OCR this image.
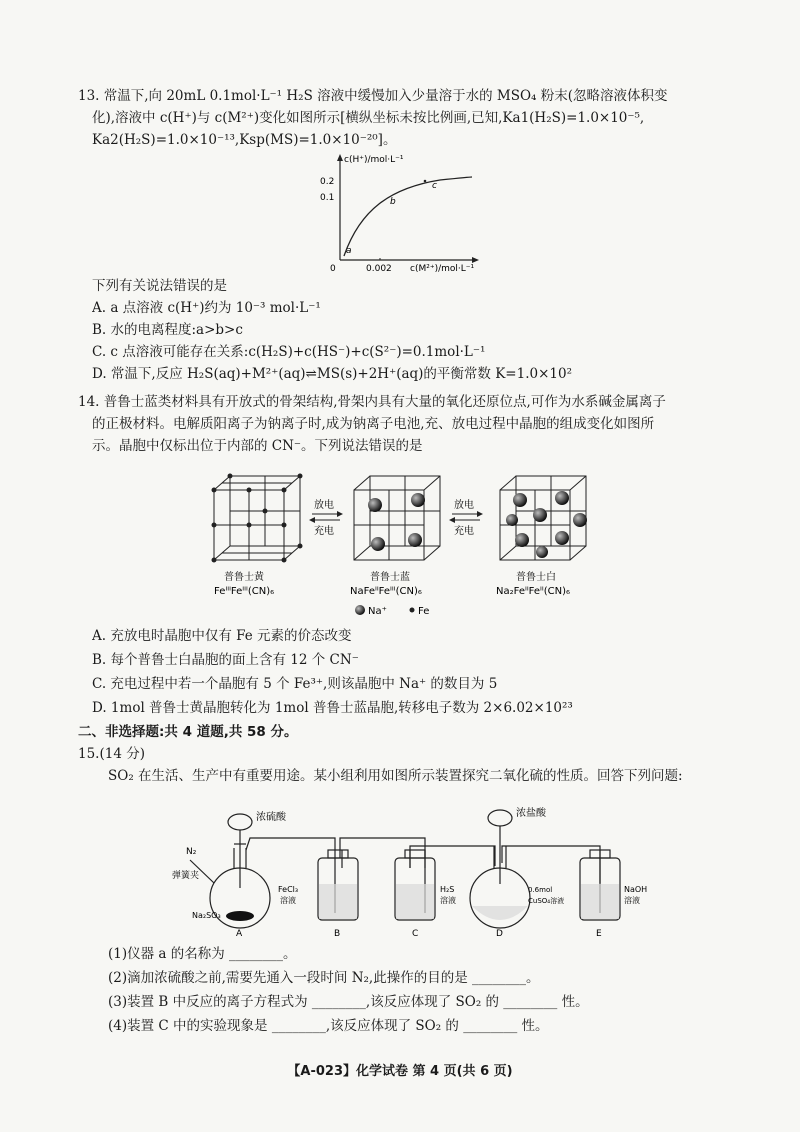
13. 常温下,向 20mL 0.1mol·L⁻¹ H₂S 溶液中缓慢加入少量溶于水的 MSO₄ 粉末(忽略溶液体积变
化),溶液中 c(H⁺)与 c(M²⁺)变化如图所示[横纵坐标未按比例画,已知,Ka1(H₂S)=1.0×10⁻⁵,
Ka2(H₂S)=1.0×10⁻¹³,Ksp(MS)=1.0×10⁻²⁰]。
c(H⁺)/mol·L⁻¹
0.2
0.1
0	0.002 c(M²⁺)/mol·L⁻¹
a
b
c
下列有关说法错误的是
A. a 点溶液 c(H⁺)约为 10⁻³ mol·L⁻¹
B. 水的电离程度:a>b>c
C. c 点溶液可能存在关系:c(H₂S)+c(HS⁻)+c(S²⁻)=0.1mol·L⁻¹
D. 常温下,反应 H₂S(aq)+M²⁺(aq)⇌MS(s)+2H⁺(aq)的平衡常数 K=1.0×10²
14. 普鲁士蓝类材料具有开放式的骨架结构,骨架内具有大量的氧化还原位点,可作为水系碱金属离子
的正极材料。电解质阳离子为钠离子时,成为钠离子电池,充、放电过程中晶胞的组成变化如图所
示。晶胞中仅标出位于内部的 CN⁻。下列说法错误的是
放电
充电
放电
充电
普鲁士黄
FeᴵᴵᴵFeᴵᴵᴵ(CN)₆
普鲁士蓝
NaFeᴵᴵFeᴵᴵᴵ(CN)₆
普鲁士白
Na₂FeᴵᴵFeᴵᴵ(CN)₆
Na⁺	Fe
A. 充放电时晶胞中仅有 Fe 元素的价态改变
B. 每个普鲁士白晶胞的面上含有 12 个 CN⁻
C. 充电过程中若一个晶胞有 5 个 Fe³⁺,则该晶胞中 Na⁺ 的数目为 5
D. 1mol 普鲁士黄晶胞转化为 1mol 普鲁士蓝晶胞,转移电子数为 2×6.02×10²³
二、非选择题:共 4 道题,共 58 分。
15.(14 分)
SO₂ 在生活、生产中有重要用途。某小组利用如图所示装置探究二氧化硫的性质。回答下列问题:
浓硫酸	浓盐酸
N₂
弹簧夹
Na₂SO₃
FeCl₃
溶液
H₂S
溶液
0.6mol
CuSO₄溶液
NaOH
溶液
A	B	C	D	E
(1)仪器 a 的名称为 ________。
(2)滴加浓硫酸之前,需要先通入一段时间 N₂,此操作的目的是 ________。
(3)装置 B 中反应的离子方程式为 ________,该反应体现了 SO₂ 的 ________ 性。
(4)装置 C 中的实验现象是 ________,该反应体现了 SO₂ 的 ________ 性。
【A-023】化学试卷 第 4 页(共 6 页)
